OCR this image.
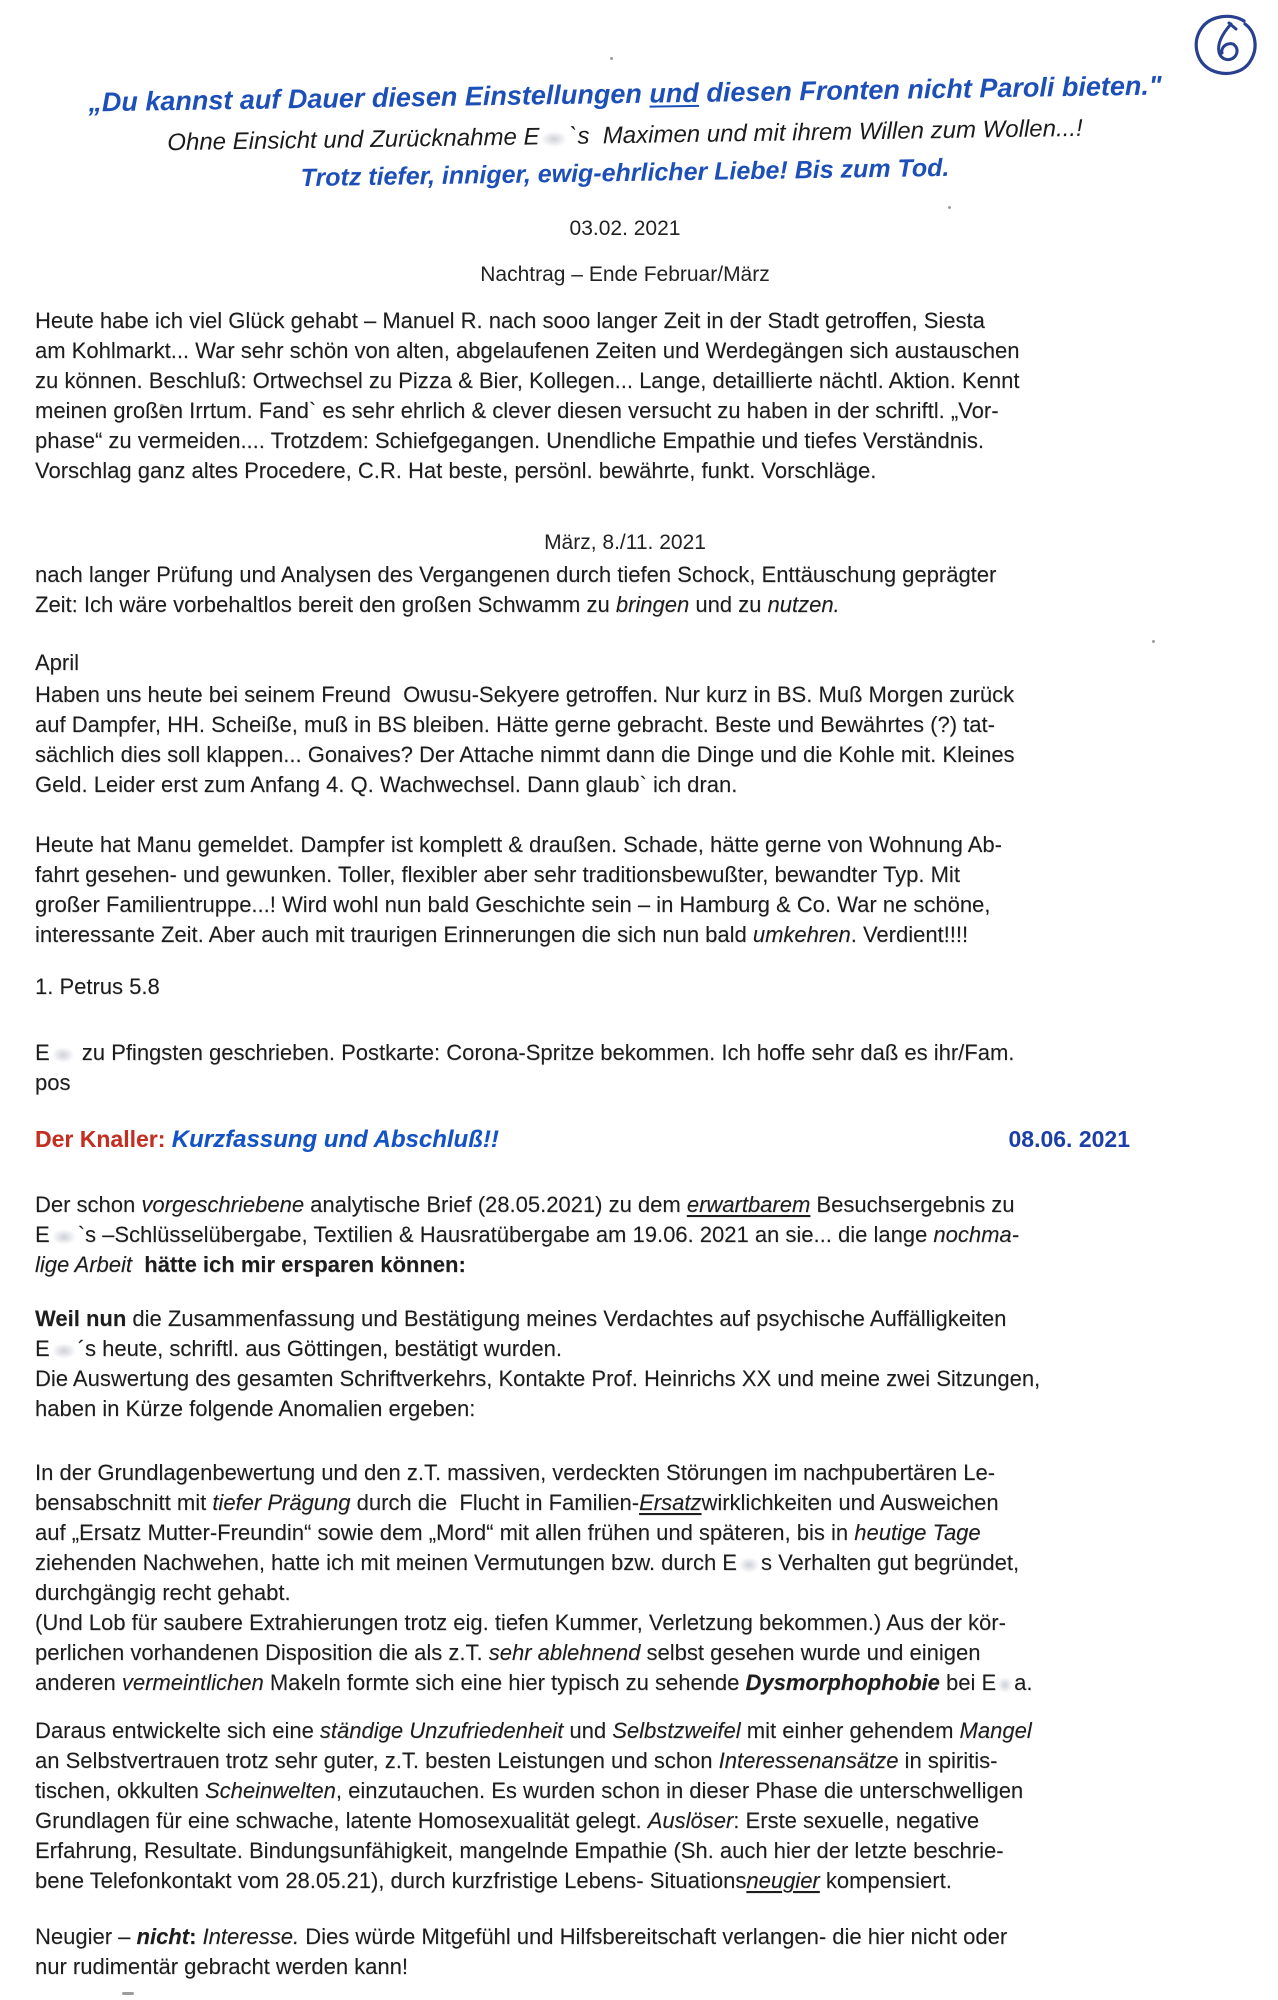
„Du kannst auf Dauer diesen Einstellungen und diesen Fronten nicht Paroli bieten."
Ohne Einsicht und Zurücknahme E `s  Maximen und mit ihrem Willen zum Wollen...!
Trotz tiefer, inniger, ewig-ehrlicher Liebe! Bis zum Tod.
03.02. 2021
Nachtrag – Ende Februar/März
Heute habe ich viel Glück gehabt – Manuel R. nach sooo langer Zeit in der Stadt getroffen, Siesta
am Kohlmarkt... War sehr schön von alten, abgelaufenen Zeiten und Werdegängen sich austauschen
zu können. Beschluß: Ortwechsel zu Pizza & Bier, Kollegen... Lange, detaillierte nächtl. Aktion. Kennt
meinen großen Irrtum. Fand` es sehr ehrlich & clever diesen versucht zu haben in der schriftl. „Vor-
phase“ zu vermeiden.... Trotzdem: Schiefgegangen. Unendliche Empathie und tiefes Verständnis.
Vorschlag ganz altes Procedere, C.R. Hat beste, persönl. bewährte, funkt. Vorschläge.
März, 8./11. 2021
nach langer Prüfung und Analysen des Vergangenen durch tiefen Schock, Enttäuschung geprägter
Zeit: Ich wäre vorbehaltlos bereit den großen Schwamm zu bringen und zu nutzen.
April
Haben uns heute bei seinem Freund  Owusu-Sekyere getroffen. Nur kurz in BS. Muß Morgen zurück
auf Dampfer, HH. Scheiße, muß in BS bleiben. Hätte gerne gebracht. Beste und Bewährtes (?) tat-
sächlich dies soll klappen... Gonaives? Der Attache nimmt dann die Dinge und die Kohle mit. Kleines
Geld. Leider erst zum Anfang 4. Q. Wachwechsel. Dann glaub` ich dran.
Heute hat Manu gemeldet. Dampfer ist komplett & draußen. Schade, hätte gerne von Wohnung Ab-
fahrt gesehen- und gewunken. Toller, flexibler aber sehr traditionsbewußter, bewandter Typ. Mit
großer Familientruppe...! Wird wohl nun bald Geschichte sein – in Hamburg & Co. War ne schöne,
interessante Zeit. Aber auch mit traurigen Erinnerungen die sich nun bald umkehren. Verdient!!!!
1. Petrus 5.8
E zu Pfingsten geschrieben. Postkarte: Corona-Spritze bekommen. Ich hoffe sehr daß es ihr/Fam.
pos
Der Knaller: Kurzfassung und Abschluß!!	08.06. 2021
Der schon vorgeschriebene analytische Brief (28.05.2021) zu dem erwartbarem Besuchsergebnis zu
E `s –Schlüsselübergabe, Textilien & Hausratübergabe am 19.06. 2021 an sie... die lange nochma-
lige Arbeit hätte ich mir ersparen können:
Weil nun die Zusammenfassung und Bestätigung meines Verdachtes auf psychische Auffälligkeiten
E ´s heute, schriftl. aus Göttingen, bestätigt wurden.
Die Auswertung des gesamten Schriftverkehrs, Kontakte Prof. Heinrichs XX und meine zwei Sitzungen,
haben in Kürze folgende Anomalien ergeben:
In der Grundlagenbewertung und den z.T. massiven, verdeckten Störungen im nachpubertären Le-
bensabschnitt mit tiefer Prägung durch die  Flucht in Familien-Ersatzwirklichkeiten und Ausweichen
auf „Ersatz Mutter-Freundin“ sowie dem „Mord“ mit allen frühen und späteren, bis in heutige Tage
ziehenden Nachwehen, hatte ich mit meinen Vermutungen bzw. durch E s Verhalten gut begründet,
durchgängig recht gehabt.
(Und Lob für saubere Extrahierungen trotz eig. tiefen Kummer, Verletzung bekommen.) Aus der kör-
perlichen vorhandenen Disposition die als z.T. sehr ablehnend selbst gesehen wurde und einigen
anderen vermeintlichen Makeln formte sich eine hier typisch zu sehende Dysmorphophobie bei E a.
Daraus entwickelte sich eine ständige Unzufriedenheit und Selbstzweifel mit einher gehendem Mangel
an Selbstvertrauen trotz sehr guter, z.T. besten Leistungen und schon Interessenansätze in spiritis-
tischen, okkulten Scheinwelten, einzutauchen. Es wurden schon in dieser Phase die unterschwelligen
Grundlagen für eine schwache, latente Homosexualität gelegt. Auslöser: Erste sexuelle, negative
Erfahrung, Resultate. Bindungsunfähigkeit, mangelnde Empathie (Sh. auch hier der letzte beschrie-
bene Telefonkontakt vom 28.05.21), durch kurzfristige Lebens- Situationsneugier kompensiert.
Neugier – nicht: Interesse. Dies würde Mitgefühl und Hilfsbereitschaft verlangen- die hier nicht oder
nur rudimentär gebracht werden kann!
